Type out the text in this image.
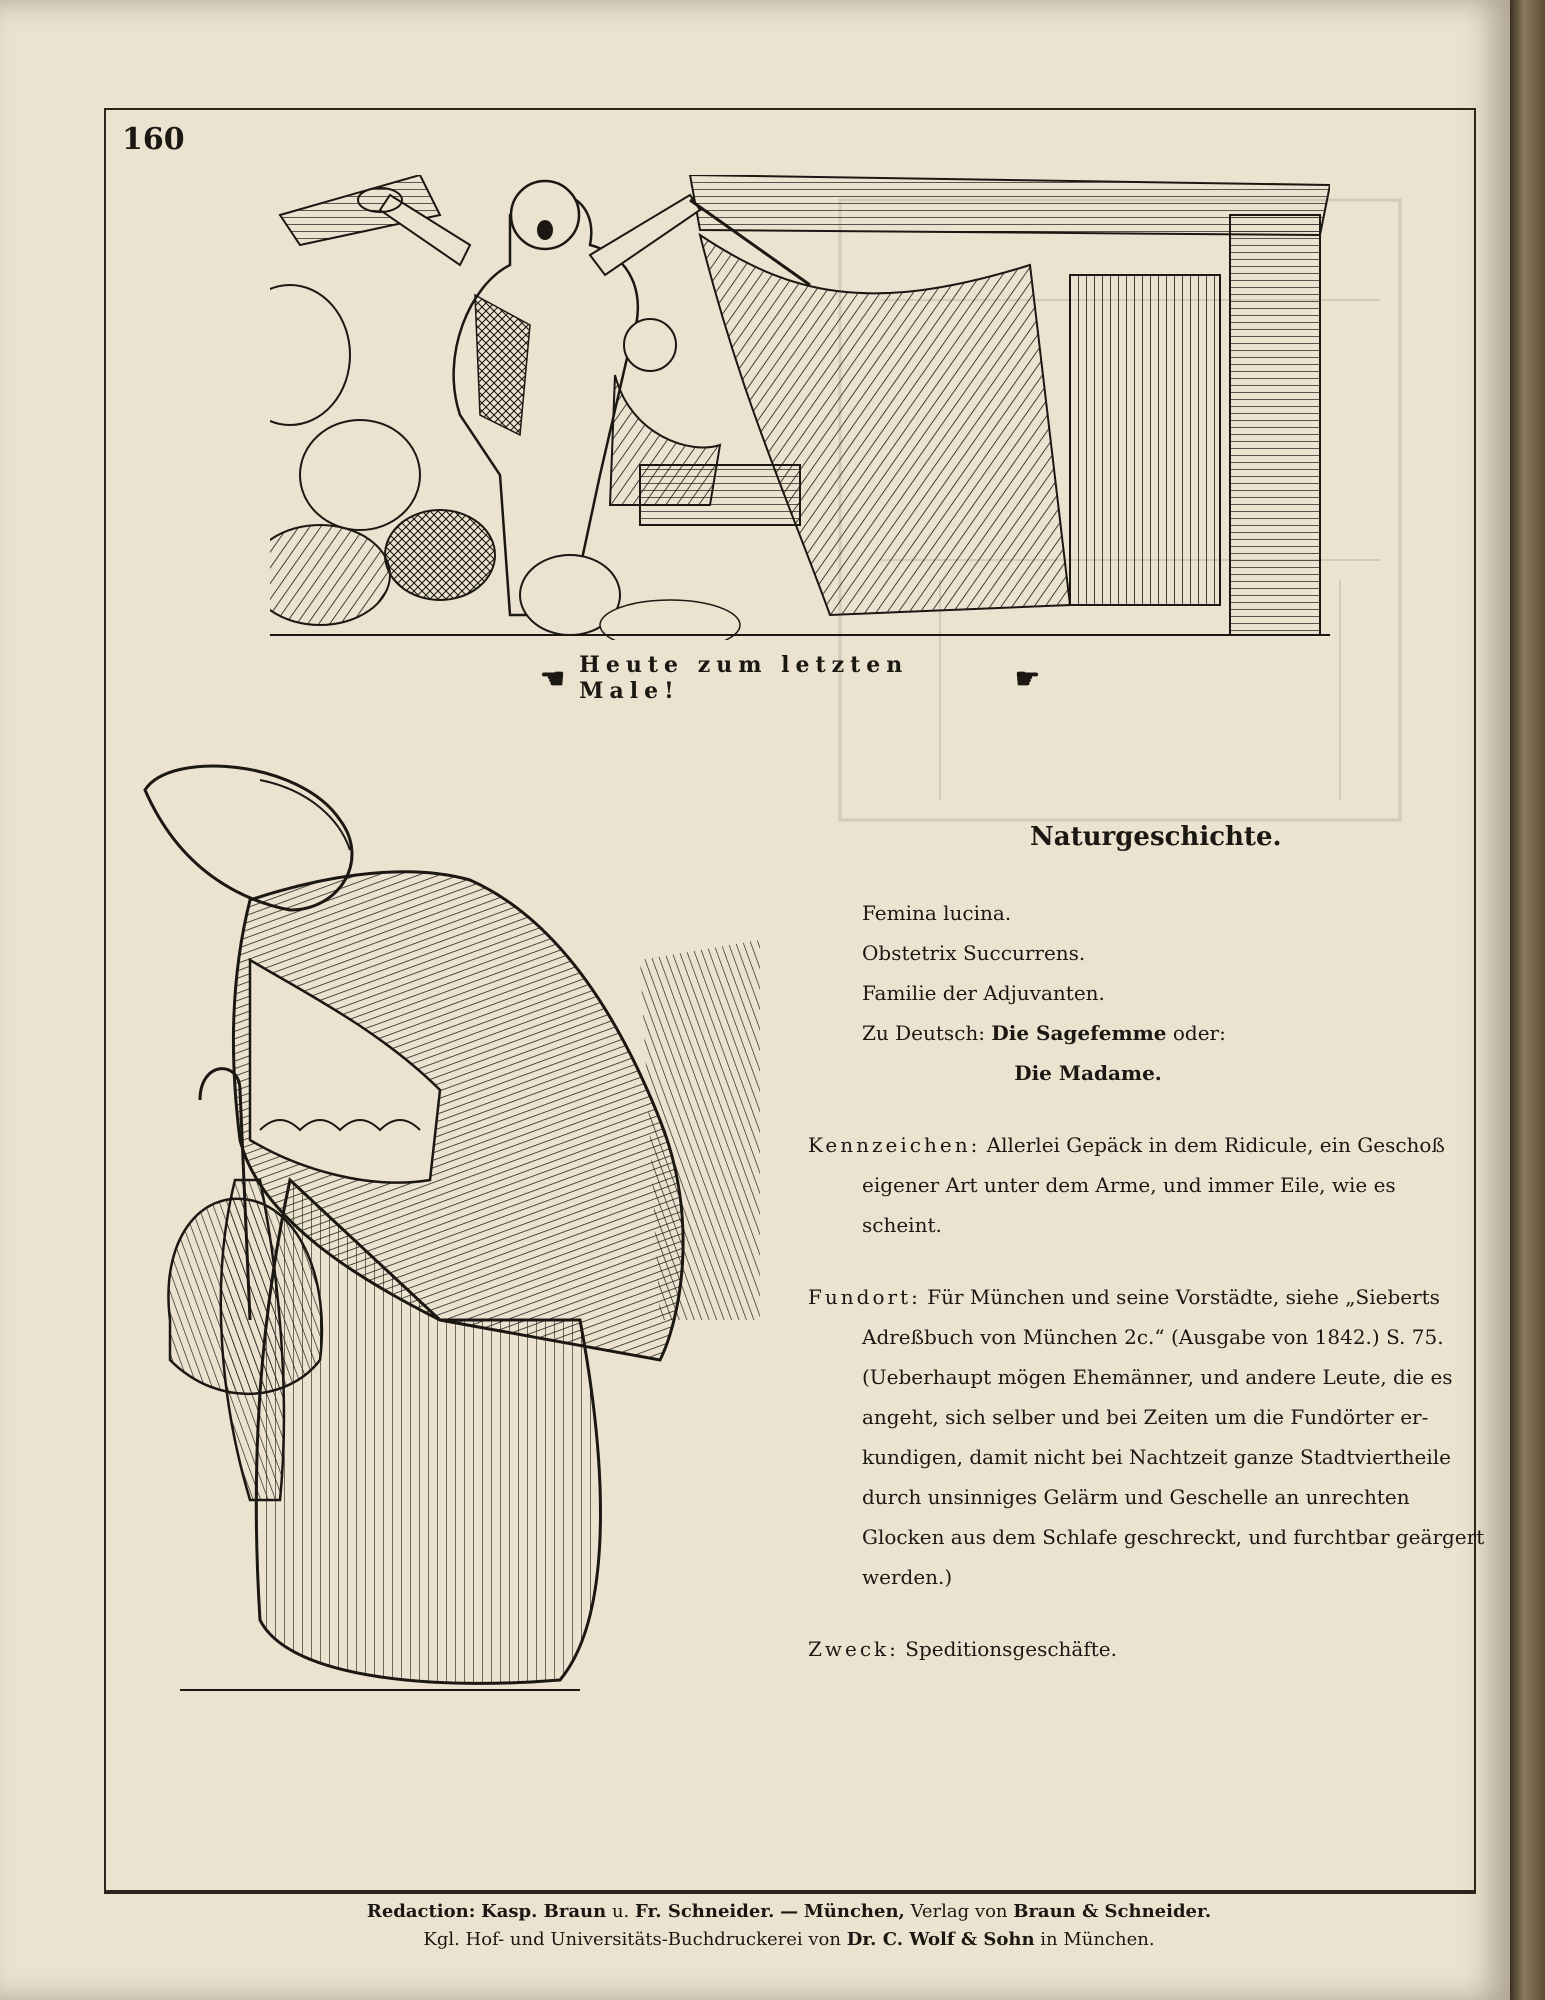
160
☚ Heute zum letzten Male!	☛
Naturgeschichte.
Femina lucina.
Obstetrix Succurrens.
Familie der Adjuvanten.
Zu Deutsch: Die Sagefemme oder:
Die Madame.
Kennzeichen: Allerlei Gepäck in dem Ridicule, ein Geschoß
eigener Art unter dem Arme, und immer Eile, wie es
scheint.
Fundort: Für München und seine Vorstädte, siehe „Sieberts
Adreßbuch von München 2c.“ (Ausgabe von 1842.) S. 75.
(Ueberhaupt mögen Ehemänner, und andere Leute, die es
angeht, sich selber und bei Zeiten um die Fundörter er-
kundigen, damit nicht bei Nachtzeit ganze Stadtviertheile
durch unsinniges Gelärm und Geschelle an unrechten
Glocken aus dem Schlafe geschreckt, und furchtbar geärgert
werden.)
Zweck: Speditionsgeschäfte.
Redaction: Kasp. Braun u. Fr. Schneider. — München, Verlag von Braun & Schneider.
Kgl. Hof- und Universitäts-Buchdruckerei von Dr. C. Wolf & Sohn in München.
